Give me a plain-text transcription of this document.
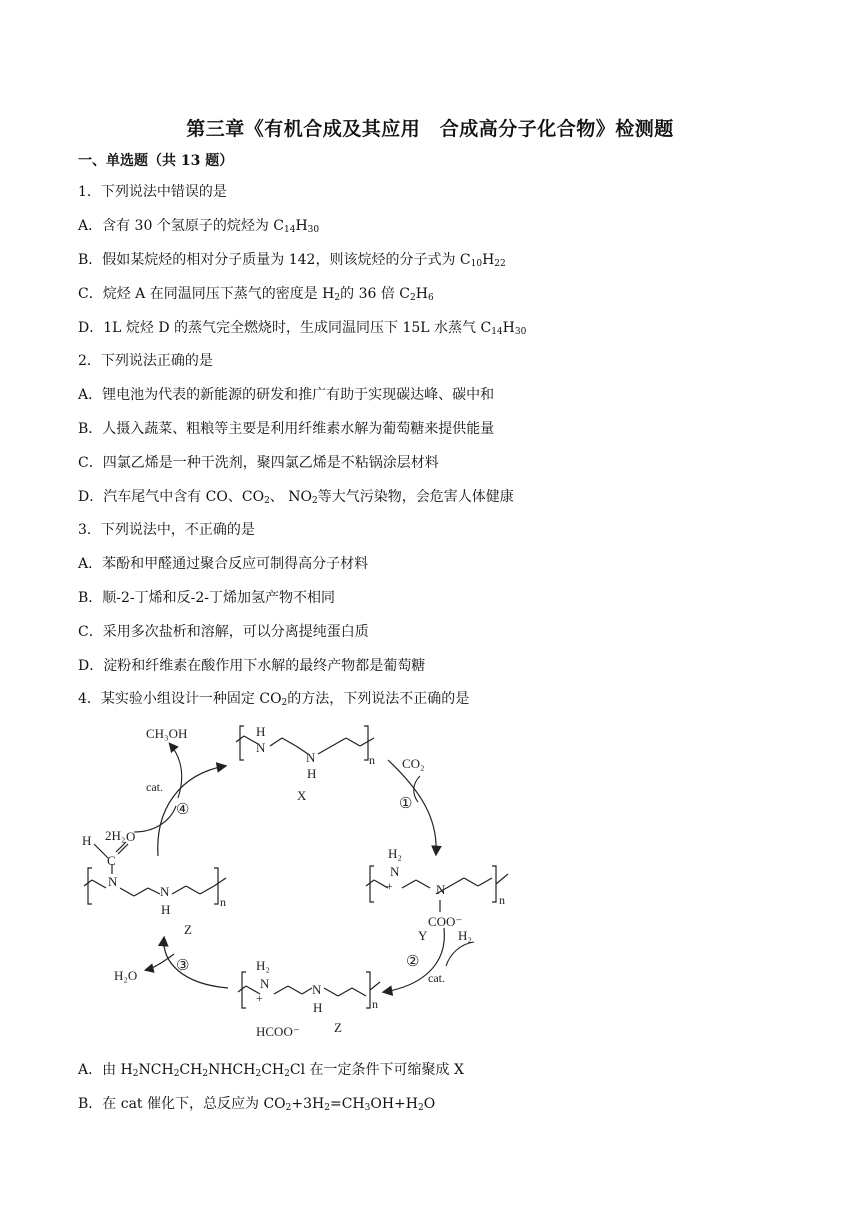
第三章《有机合成及其应用　合成高分子化合物》检测题
一、单选题（共 13 题）
1．下列说法中错误的是
A．含有 30 个氢原子的烷烃为 $C_{14}H_{30}$
B．假如某烷烃的相对分子质量为 142，则该烷烃的分子式为 $C_{10}H_{22}$
C．烷烃 A 在同温同压下蒸气的密度是 $H_2$的 36 倍 $C_2H_6$
D．1L 烷烃 D 的蒸气完全燃烧时，生成同温同压下 15L 水蒸气 $C_{14}H_{30}$
2．下列说法正确的是
A．锂电池为代表的新能源的研发和推广有助于实现碳达峰、碳中和
B．人摄入蔬菜、粗粮等主要是利用纤维素水解为葡萄糖来提供能量
C．四氯乙烯是一种干洗剂，聚四氯乙烯是不粘锅涂层材料
D．汽车尾气中含有 CO、$CO_2$、 $NO_2$等大气污染物，会危害人体健康
3．下列说法中，不正确的是
A．苯酚和甲醛通过聚合反应可制得高分子材料
B．顺-2-丁烯和反-2-丁烯加氢产物不相同
C．采用多次盐析和溶解，可以分离提纯蛋白质
D．淀粉和纤维素在酸作用下水解的最终产物都是葡萄糖
4．某实验小组设计一种固定 $CO_2$的方法，下列说法不正确的是
H
N
N
H
n
X
CH₃OH
cat.
2H₂
④
CO₂
①
H
C
O
N
N
H	n
Z
H₂
N
+	N
COO⁻
n
Y H₂
cat.
②
H₂
N
+
N
H	n
HCOO⁻	Z
H₂O
③
A．由 $H_2NCH_2CH_2NHCH_2CH_2Cl$ 在一定条件下可缩聚成 X
B．在 cat 催化下，总反应为 $CO_2+3H_2=CH_3OH+H_2O$
